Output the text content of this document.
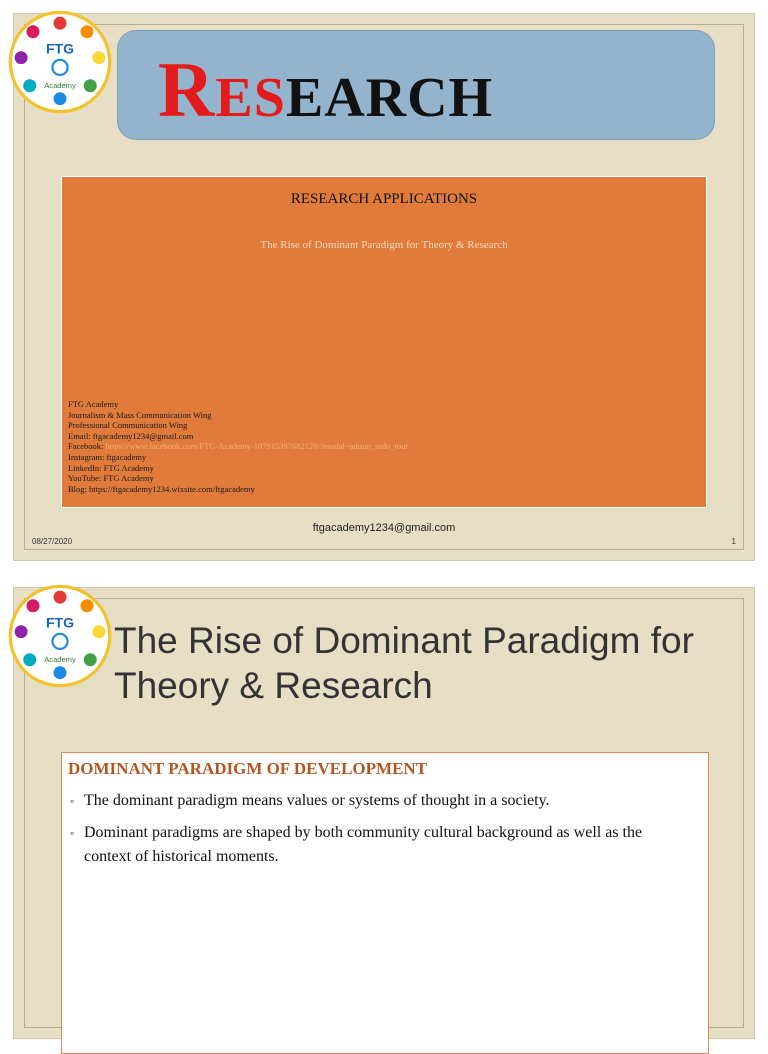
FTG
Academy RESEARCH
RESEARCH APPLICATIONS
The Rise of Dominant Paradigm for Theory & Research
FTG Academy
Journalism & Mass Communication Wing
Professional Communication Wing
Email: ftgacademy1234@gmail.com
Facebook: https://www.facebook.com/FTG-Academy-107915397682120/?modal=admin_todo_tour
Instagram: ftgacademy
LinkedIn: FTG Academy
YouTube: FTG Academy
Blog: https://ftgacademy1234.wixsite.com/ftgacademy
ftgacademy1234@gmail.com
08/27/2020	1
FTG
Academy The Rise of Dominant Paradigm for Theory & Research
DOMINANT PARADIGM OF DEVELOPMENT
◦ The dominant paradigm means values or systems of thought in a society.
◦ Dominant paradigms are shaped by both community cultural background as well as the context of historical moments.
